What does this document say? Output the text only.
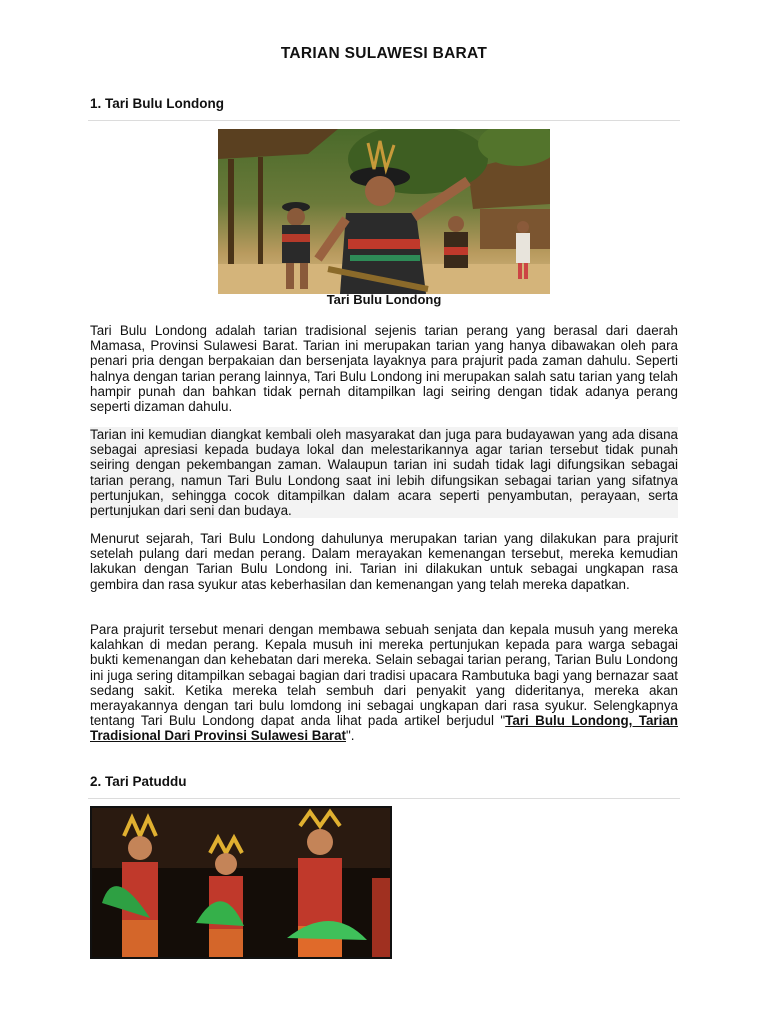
TARIAN SULAWESI BARAT
1. Tari Bulu Londong
Tari Bulu Londong

Tari Bulu Londong adalah tarian tradisional sejenis tarian perang yang berasal dari daerah Mamasa, Provinsi Sulawesi Barat. Tarian ini merupakan tarian yang hanya dibawakan oleh para penari pria dengan berpakaian dan bersenjata layaknya para prajurit pada zaman dahulu. Seperti halnya dengan tarian perang lainnya, Tari Bulu Londong ini merupakan salah satu tarian yang telah hampir punah dan bahkan tidak pernah ditampilkan lagi seiring dengan tidak adanya perang seperti dizaman dahulu.

Tarian ini kemudian diangkat kembali oleh masyarakat dan juga para budayawan yang ada disana sebagai apresiasi kepada budaya lokal dan melestarikannya agar tarian tersebut tidak punah seiring dengan pekembangan zaman. Walaupun tarian ini sudah tidak lagi difungsikan sebagai tarian perang, namun Tari Bulu Londong saat ini lebih difungsikan sebagai tarian yang sifatnya pertunjukan, sehingga cocok ditampilkan dalam acara seperti penyambutan, perayaan, serta pertunjukan dari seni dan budaya.

Menurut sejarah, Tari Bulu Londong dahulunya merupakan tarian yang dilakukan para prajurit setelah pulang dari medan perang. Dalam merayakan kemenangan tersebut, mereka kemudian lakukan dengan Tarian Bulu Londong ini. Tarian ini dilakukan untuk sebagai ungkapan rasa gembira dan rasa syukur atas keberhasilan dan kemenangan yang telah mereka dapatkan.

Para prajurit tersebut menari dengan membawa sebuah senjata dan kepala musuh yang mereka kalahkan di medan perang. Kepala musuh ini mereka pertunjukan kepada para warga sebagai bukti kemenangan dan kehebatan dari mereka. Selain sebagai tarian perang, Tarian Bulu Londong ini juga sering ditampilkan sebagai bagian dari tradisi upacara Rambutuka bagi yang bernazar saat sedang sakit. Ketika mereka telah sembuh dari penyakit yang dideritanya, mereka akan merayakannya dengan tari bulu lomdong ini sebagai ungkapan dari rasa syukur. Selengkapnya tentang Tari Bulu Londong dapat anda lihat pada artikel berjudul "Tari Bulu Londong, Tarian Tradisional Dari Provinsi Sulawesi Barat".

2. Tari Patuddu
